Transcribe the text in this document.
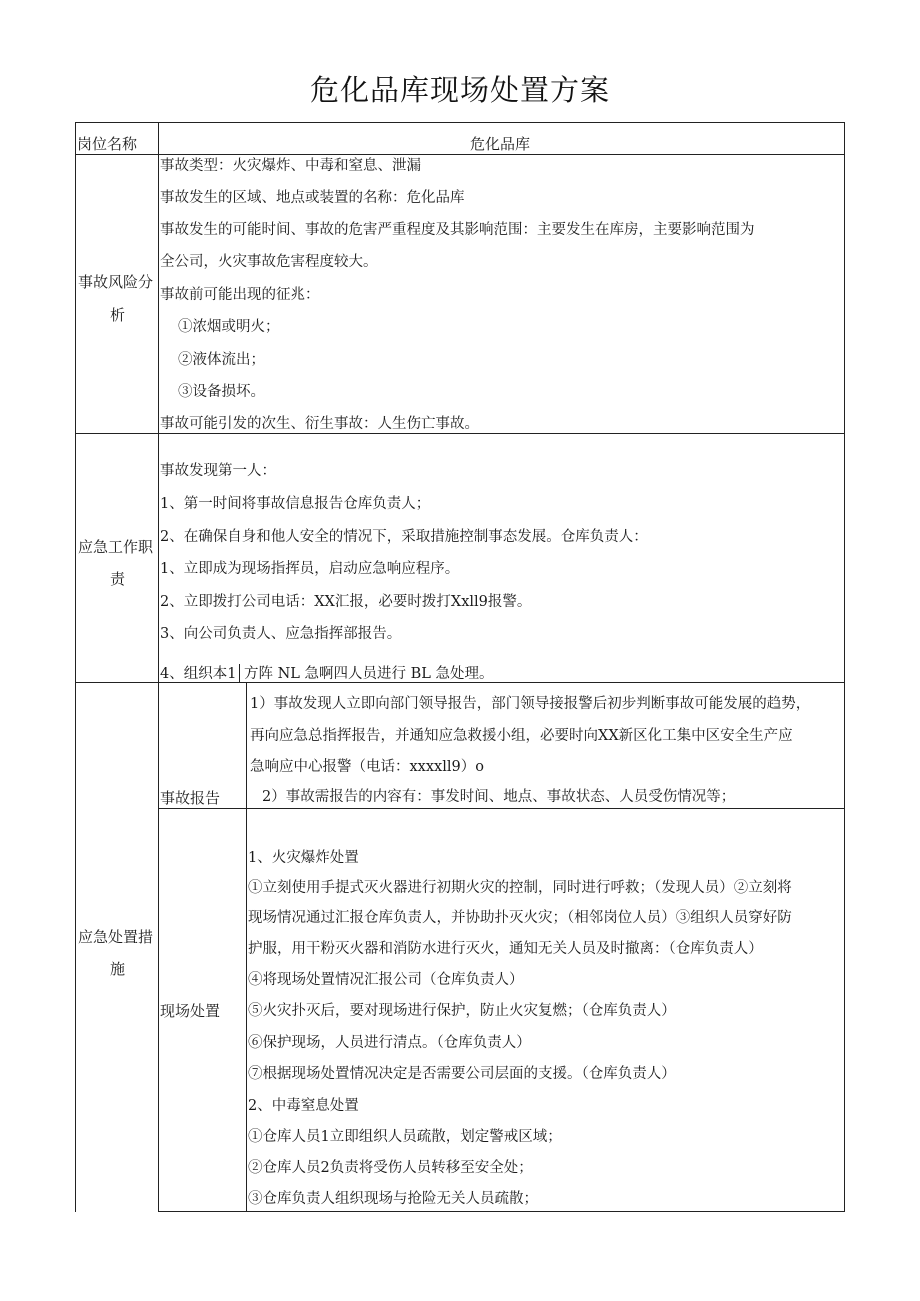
危化品库现场处置方案
岗位名称	危化品库
事故风险分
析
事故类型：火灾爆炸、中毒和窒息、泄漏
事故发生的区域、地点或装置的名称：危化品库
事故发生的可能时间、事故的危害严重程度及其影响范围：主要发生在库房，主要影响范围为
全公司，火灾事故危害程度较大。
事故前可能出现的征兆：
①浓烟或明火；
②液体流出；
③设备损坏。
事故可能引发的次生、衍生事故：人生伤亡事故。
应急工作职
责
事故发现第一人：
1、第一时间将事故信息报告仓库负责人；
2、在确保自身和他人安全的情况下，采取措施控制事态发展。仓库负责人：
1、立即成为现场指挥员，启动应急响应程序。
2、立即拨打公司电话：XX汇报，必要时拨打Xxll9报警。
3、向公司负责人、应急指挥部报告。
4、组织本1 方阵 NL 急啊四人员进行 BL 急处理。
应急处置措
施
事故报告
1）事故发现人立即向部门领导报告，部门领导接报警后初步判断事故可能发展的趋势，
再向应急总指挥报告，并通知应急救援小组，必要时向XX新区化工集中区安全生产应
急响应中心报警（电话：xxxxll9）o
2）事故需报告的内容有：事发时间、地点、事故状态、人员受伤情况等；
现场处置
1、火灾爆炸处置
①立刻使用手提式灭火器进行初期火灾的控制，同时进行呼救；（发现人员）②立刻将
现场情况通过汇报仓库负责人，并协助扑灭火灾；（相邻岗位人员）③组织人员穿好防
护服，用干粉灭火器和消防水进行灭火，通知无关人员及时撤离：（仓库负责人）
④将现场处置情况汇报公司（仓库负责人）
⑤火灾扑灭后，要对现场进行保护，防止火灾复燃；（仓库负责人）
⑥保护现场，人员进行清点。（仓库负责人）
⑦根据现场处置情况决定是否需要公司层面的支援。（仓库负责人）
2、中毒窒息处置
①仓库人员1立即组织人员疏散，划定警戒区域；
②仓库人员2负责将受伤人员转移至安全处；
③仓库负责人组织现场与抢险无关人员疏散；
